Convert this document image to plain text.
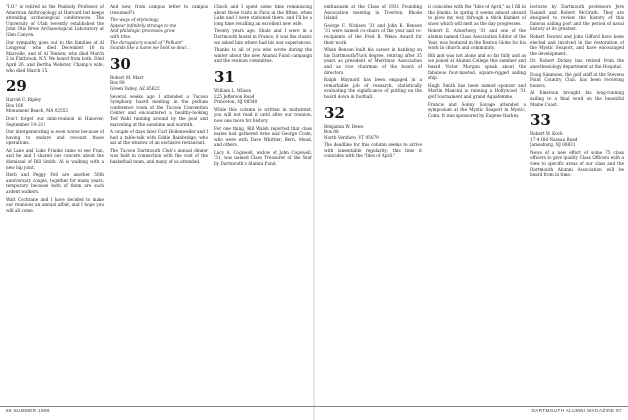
"I.O." is retired as the Peabody Professor of American Anthropology at Harvard but keeps attending archeological conferences. The University of Utah recently established the John Otis Brew Archaeological Laboratory at Glen Canyon.

Our sympathy goes out to the families of Al Longyear, who died December 16 in Marcelle, and of Al Tennen, who died March 2 in Flatbrook, N.Y. We heard from both. Died April 26, and Bertha Webster, Champ's wife, who died March 15.

29

Harold C. Ripley
Box 166
Monument Beach, MA 02553

Don't forget our mini-reunion in Hanover, September 19–21!

Our intergenerating is even worse because of having to endure and recount those operations.

Ad Lane and Luke Franke came to see Fran, and he and I shared our concern about the dismissal of Bill Smith. Al is walking with a new hip joint.

Herb and Peggy Fell are another 50th anniversary couple, together for many years; temporary because both of them are such ardent walkers.

Walt Cochrane and I have decided to make our reunions an annual affair, and I hope you will all come.

And now, from campus letter to campus (resumed?):

The ways of etymology
Appear infinitely strange to me
And philologic processes grow
with time.
The derogatory sound of "Pelham"
Sounds like a name we hold so dear...

30

Robert M. Marr
Box 98
Green Valley, AZ 85622

Several weeks ago I attended a Tucson Symphony board meeting in the podium conference room of the Tucson Convention Center and encountered a healthy-looking Ted Wahl running around by the pool and marveling at the sunshine and warmth.

A couple of days later Carl Hollenweller and I had a table-talk with Eddie Bainbridge, who sat at the window of an exclusive restaurant.

The Tucson Dartmouth Club's annual dinner was held in connection with the visit of the basketball team, and many of us attended.

Chuck and I spent some time reminiscing about those visits in Paris in the fifties, when Luke and I were stationed there, and I'll be a long time recalling an excellent new wife.

Twenty years ago, Shale and I were in a Dartmouth hostel in France, it was the classic we asked him where had his war experiences.

Thanks to all of you who wrote during the winter about the new Alumni Fund campaign and the reunion committee.

31

William L. Wilson
225 Jefferson Road
Princeton, NJ 08540

While this column is written in midwinter, you will not read it until after our reunion, now one more for history.

For one thing, Bill Walsh reported that class mates had gathered Arne and George Cram, who were with Dave Whittier, Bern, Mead, and others.

Lacy A. Cogswell, widow of John Cogswell, '31, was named Class Treasurer of the Year by Dartmouth's Alumni Fund.

enthusiasm at the Class of 1931 Founding Association meeting in Tiverton, Rhode Island.

George C. Nickson '31 and John K. Benson '31 were named co-chairs of the year and co-recipients of the Fred R. Weiss Award for their work.

When Benson built his career in banking on his Dartmouth/Tuck degree, retiring after 35 years as president of Merrimac Association and as vice chairman of the board of directors.

Ralph Maynard has been engaged in a remarkable job of research, statistically evaluating the significance of putting on the board down in football.

32

Benjamin W. Dewe
Box 88
North Vershire, VT 05079

The deadline for this column seems to arrive with lamentable regularity; this time it coincides with the "Ides of April."

it coincides with the "Ides of April," as I fill in the blanks. In spring it seems almost absurd to plow my way through a thick blanket of snow which will melt as the day progresses.

Robert E. Ackerberg '31 and one of the alumni named Class Association Editor of the Year, was featured in the Boston Globe for his work in church and community.

Bill and was not alone and so far fully and as we joined at Alumni College this summer and heard Victor Morgan speak about the fabulous four-masted, square-rigged sailing ship.

Hugh Smith has been named sponsor and Martin Mancini is running a Hollywood '31 golf tournament and grand Aquafemme.

Francis and Sonny Savage attended a symposium at the Mystic Seaport in Mystic, Conn. It was sponsored by Eugene Harkey.

lectures by Dartmouth professors Jere Daniell and Robert McGrath. They are designed to review the history of this famous sailing port and the period of naval history at its greatest.

Robert Dowzel and John Gifford have been elected and involved in the restoration of the Mystic Seaport, and have encouraged the development.

Dr. Robert Dickey has retired from the anesthesiology department at the Hospital.

Doug Simmons, the golf staff at the Stevens Point Country Club, has been receiving honors.

Al Emerson brought his long-running sailing to a final word on the beautiful Maine Coast.

33

Robert W. Koch
17-4 Old Nassau Road
Jamesburg, NJ 08831

News of a new effort of some 75 class officers to give quality Class Officers with a view to specific areas of our class and the Dartmouth Alumni Association will be heard from in time.

86 SUMMER 1986	DARTMOUTH ALUMNI MAGAZINE 87
